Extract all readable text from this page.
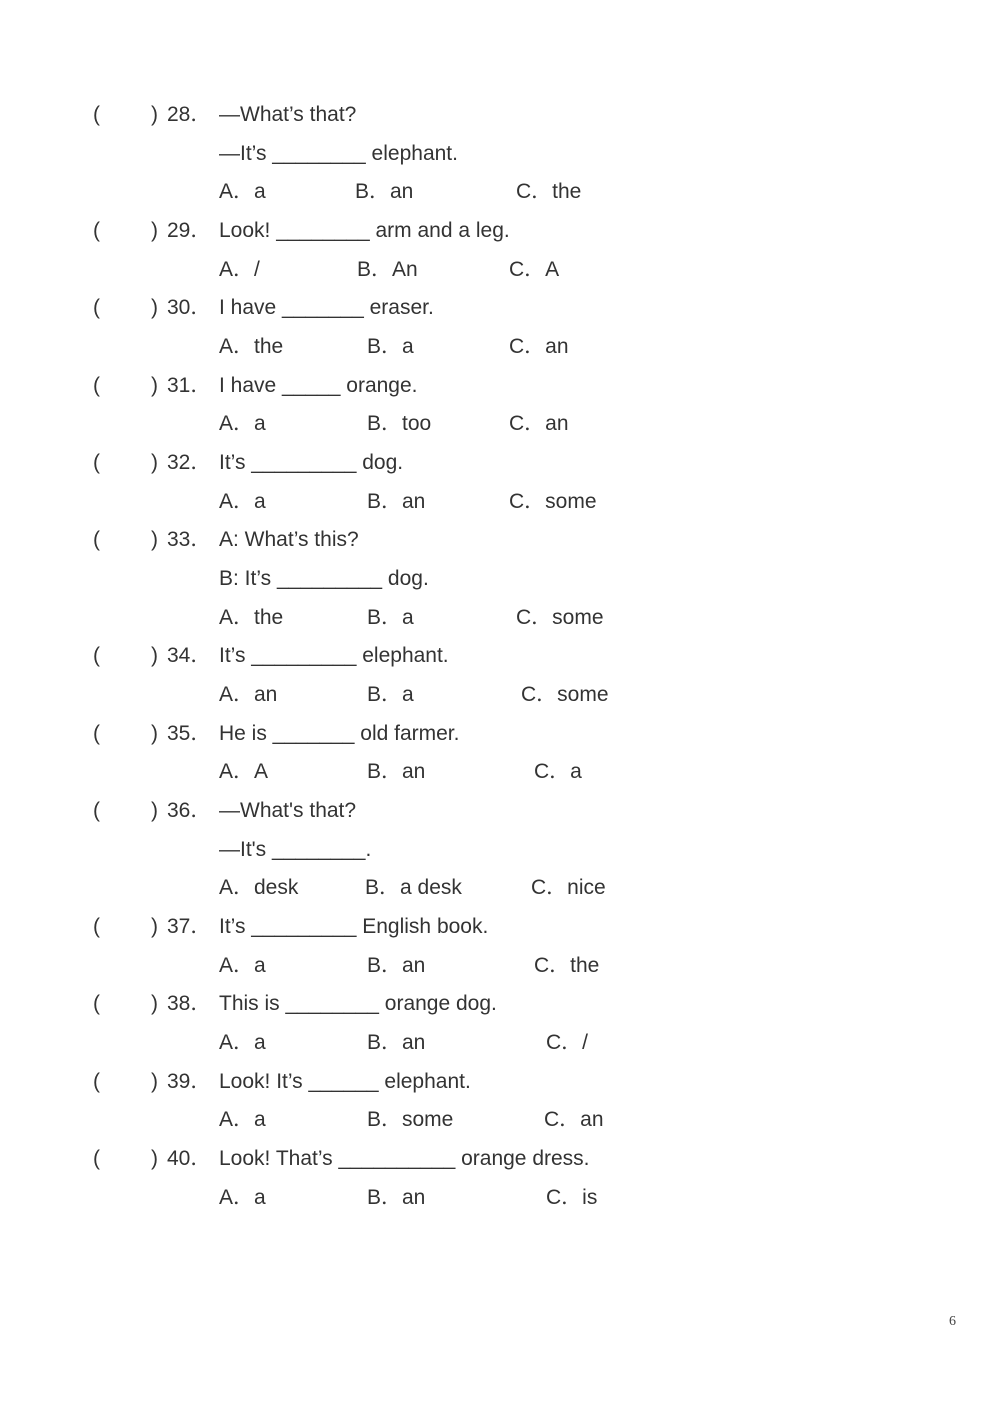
( ) 28． —What’s that?
—It’s ________ elephant.
A．a	B．an	C．the
( ) 29． Look! ________ arm and a leg.
A．/	B．An	C．A
( ) 30． I have _______ eraser.
A．the	B．a	C．an
( ) 31． I have _____ orange.
A．a	B．too	C．an
( ) 32． It’s _________ dog.
A．a	B．an	C．some
( ) 33． A: What’s this?
B: It’s _________ dog.
A．the	B．a	C．some
( ) 34． It’s _________ elephant.
A．an	B．a	C．some
( ) 35． He is _______ old farmer.
A．A	B．an	C．a
( ) 36． —What's that?
—It's ________.
A．desk	B．a desk	C．nice
( ) 37． It’s _________ English book.
A．a	B．an	C．the
( ) 38． This is ________ orange dog.
A．a	B．an	C．/
( ) 39． Look! It’s ______ elephant.
A．a	B．some	C．an
( ) 40． Look! That’s __________ orange dress.
A．a	B．an	C．is
6
